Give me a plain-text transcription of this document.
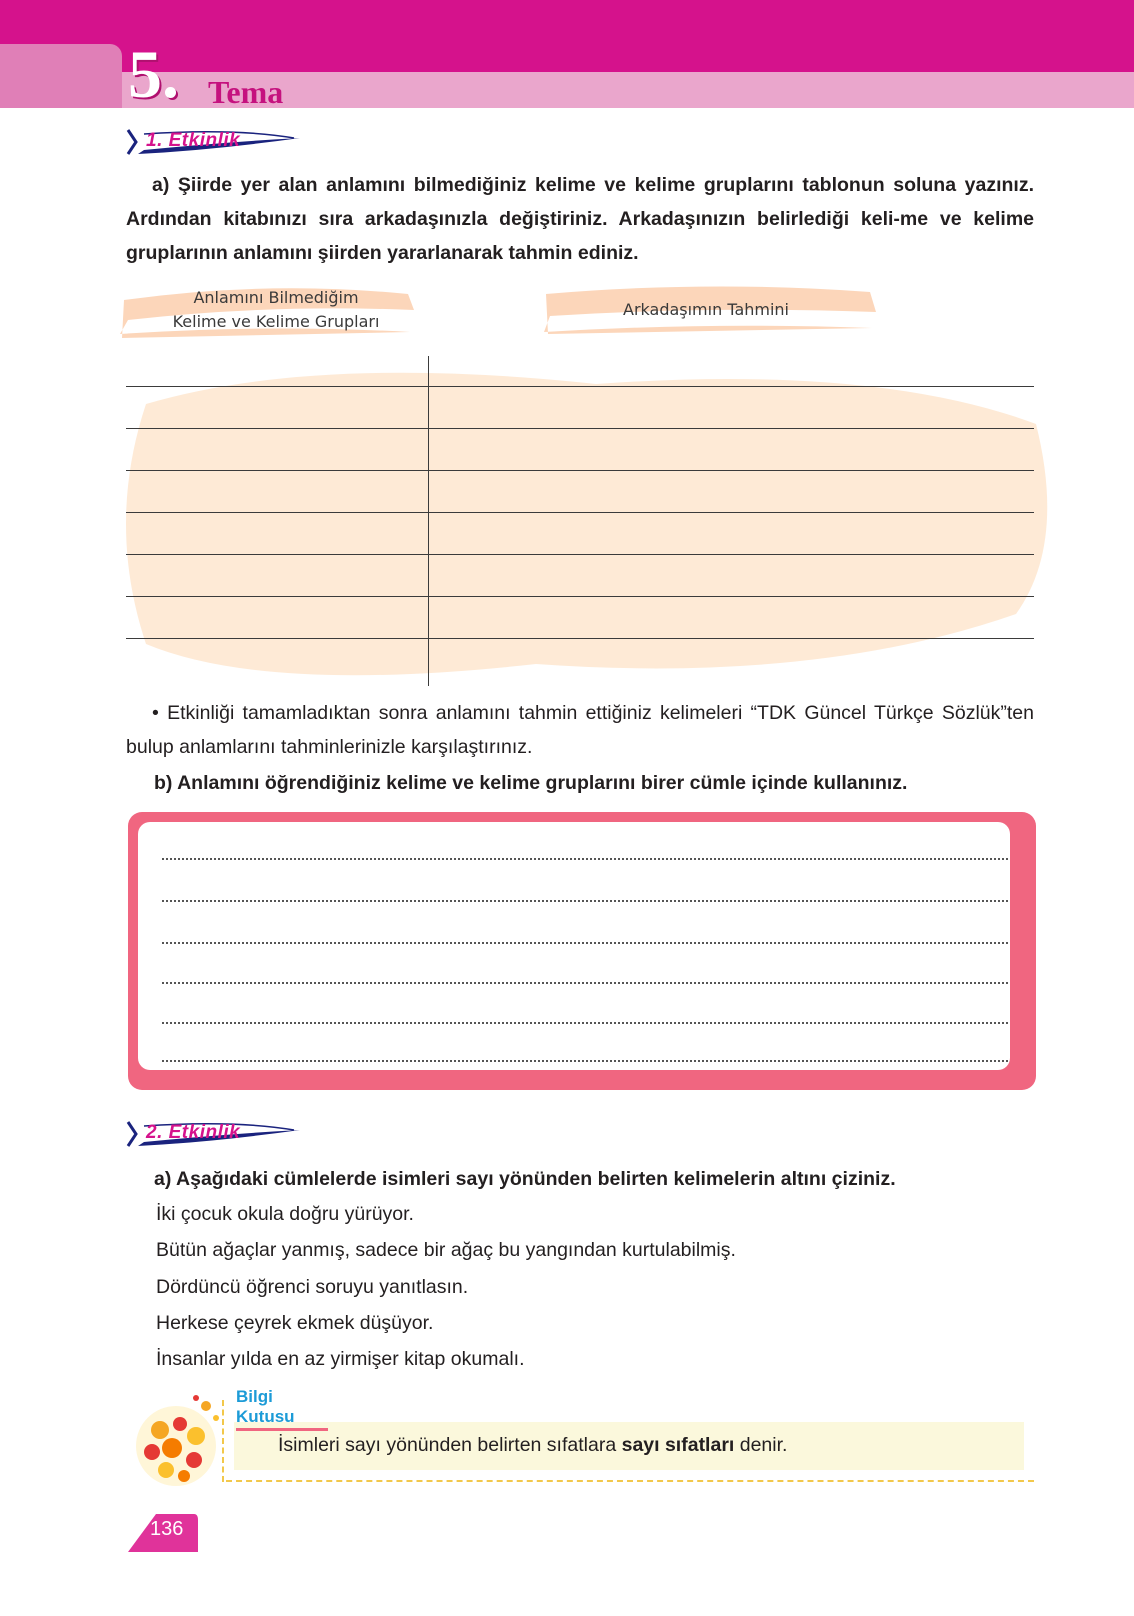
5. Tema
1. Etkinlik
a) Şiirde yer alan anlamını bilmediğiniz kelime ve kelime gruplarını tablonun soluna yazınız. Ardından kitabınızı sıra arkadaşınızla değiştiriniz. Arkadaşınızın belirlediği keli-me ve kelime gruplarının anlamını şiirden yararlanarak tahmin ediniz.
Anlamını Bilmediğim
Kelime ve Kelime Grupları
Arkadaşımın Tahmini
• Etkinliği tamamladıktan sonra anlamını tahmin ettiğiniz kelimeleri “TDK Güncel Türkçe Sözlük”ten bulup anlamlarını tahminlerinizle karşılaştırınız.
b) Anlamını öğrendiğiniz kelime ve kelime gruplarını birer cümle içinde kullanınız.
2. Etkinlik
a) Aşağıdaki cümlelerde isimleri sayı yönünden belirten kelimelerin altını çiziniz.
İki çocuk okula doğru yürüyor.
Bütün ağaçlar yanmış, sadece bir ağaç bu yangından kurtulabilmiş.
Dördüncü öğrenci soruyu yanıtlasın.
Herkese çeyrek ekmek düşüyor.
İnsanlar yılda en az yirmişer kitap okumalı.
Bilgi Kutusu
İsimleri sayı yönünden belirten sıfatlara sayı sıfatları denir.
136
